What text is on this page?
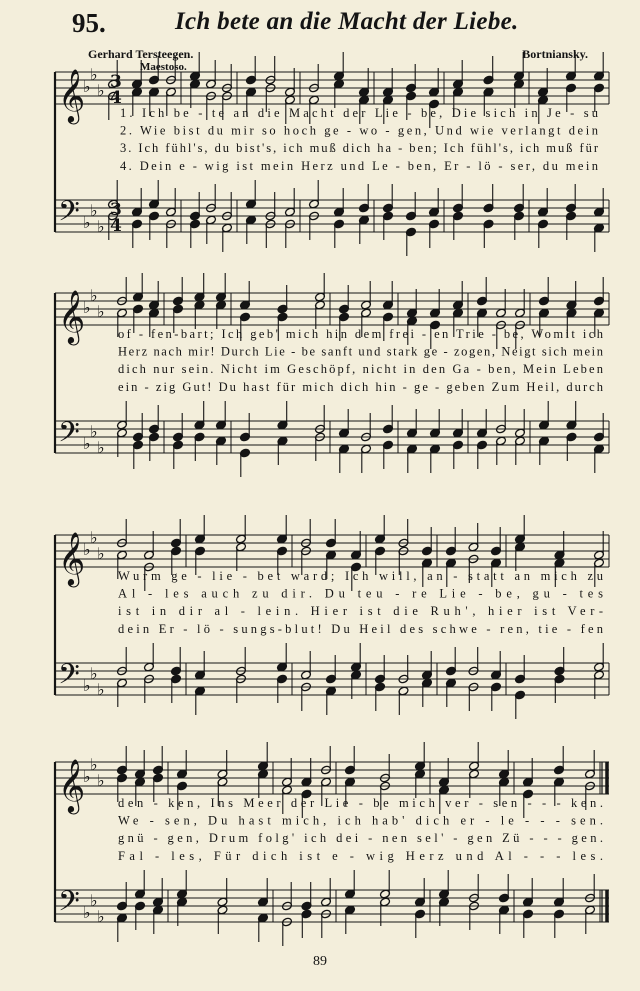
95.	Ich bete an die Macht der Liebe.
Gerhard Tersteegen.	Bortniansky.
Maestoso.
𝄞
𝄢
♭
♭
♭
♭
♭
♭
3
4
3
4
1. Ich be - te an die Macht der Lie - be, Die sich in Je - su
2. Wie bist du mir so hoch ge - wo - gen, Und wie verlangt dein
3. Ich fühl's, du bist's, ich muß dich ha - ben; Ich fühl's, ich muß für
4. Dein e - wig ist mein Herz und Le - ben, Er - lö - ser, du mein
𝄞
𝄢
♭
♭
♭
♭
♭
♭
of - fen-bart; Ich geb' mich hin dem frei - en Trie - be, Womit ich
Herz nach mir! Durch Lie - be sanft und stark ge - zogen, Neigt sich mein
dich nur sein. Nicht im Geschöpf, nicht in den Ga - ben, Mein Leben
ein - zig Gut! Du hast für mich dich hin - ge - geben Zum Heil, durch
𝄞
𝄢
♭
♭
♭
♭
♭
♭
Wurm ge - lie - bet ward; Ich will, an - statt an mich zu
Al - les auch zu dir. Du teu - re Lie - be, gu - tes
ist in dir al - lein. Hier ist die Ruh', hier ist Ver-
dein Er - lö - sungs-blut! Du Heil des schwe - ren, tie - fen
𝄞
𝄢
♭
♭
♭
♭
♭
♭
den - ken, Ins Meer der Lie - be mich ver - sen - - - ken.
We - sen, Du hast mich, ich hab' dich er - le - - - sen.
gnü - gen, Drum folg' ich dei - nen sel' - gen Zü - - - gen.
Fal - les, Für dich ist e - wig Herz und Al - - - les.
89
